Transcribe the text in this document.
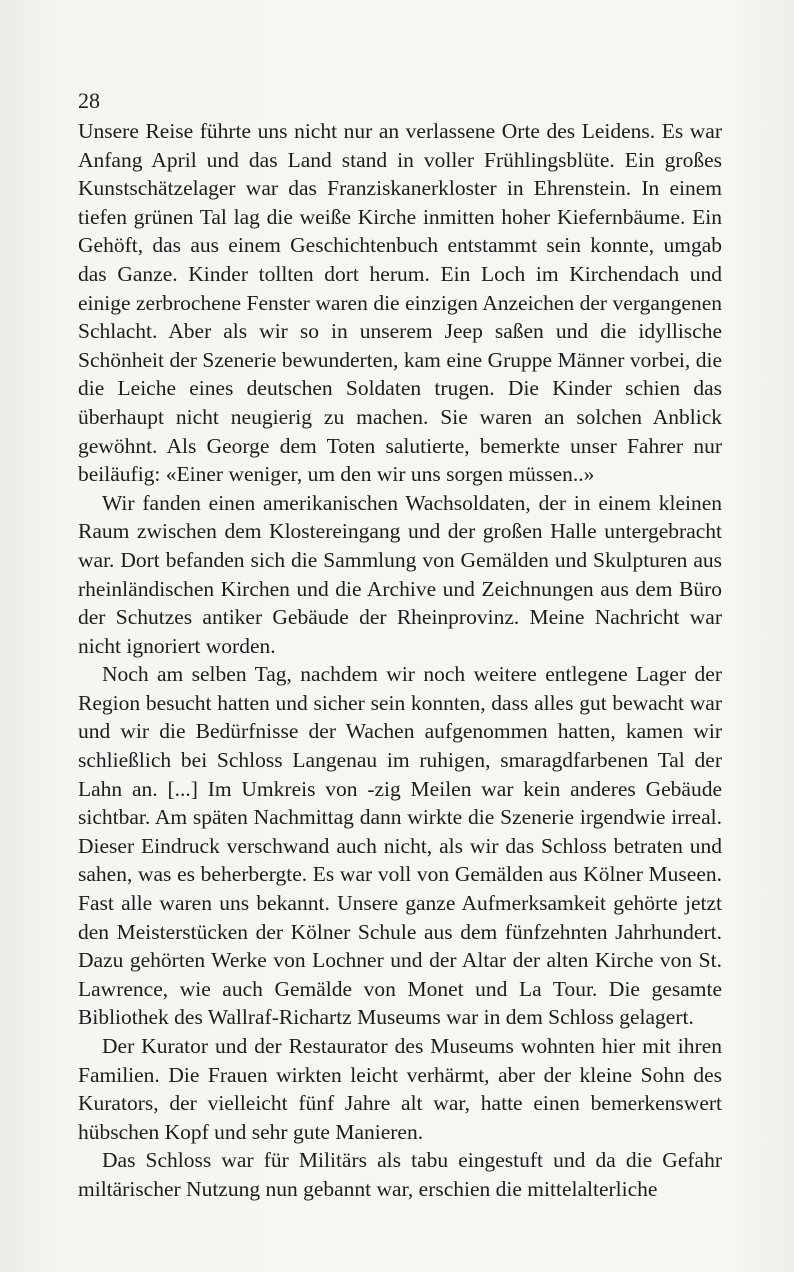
28

Unsere Reise führte uns nicht nur an verlassene Orte des Leidens. Es war Anfang April und das Land stand in voller Frühlingsblüte. Ein großes Kunstschätzelager war das Franziskanerkloster in Ehrenstein. In einem tiefen grünen Tal lag die weiße Kirche inmitten hoher Kiefernbäume. Ein Gehöft, das aus einem Geschichtenbuch entstammt sein konnte, umgab das Ganze. Kinder tollten dort herum. Ein Loch im Kirchendach und einige zerbrochene Fenster waren die einzigen Anzeichen der vergangenen Schlacht. Aber als wir so in unserem Jeep saßen und die idyllische Schönheit der Szenerie bewunderten, kam eine Gruppe Männer vorbei, die die Leiche eines deutschen Soldaten trugen. Die Kinder schien das überhaupt nicht neugierig zu machen. Sie waren an solchen Anblick gewöhnt. Als George dem Toten salutierte, bemerkte unser Fahrer nur beiläufig: «Einer weniger, um den wir uns sorgen müssen..»

Wir fanden einen amerikanischen Wachsoldaten, der in einem kleinen Raum zwischen dem Klostereingang und der großen Halle untergebracht war. Dort befanden sich die Sammlung von Gemälden und Skulpturen aus rheinländischen Kirchen und die Archive und Zeichnungen aus dem Büro der Schutzes antiker Gebäude der Rheinprovinz. Meine Nachricht war nicht ignoriert worden.

Noch am selben Tag, nachdem wir noch weitere entlegene Lager der Region besucht hatten und sicher sein konnten, dass alles gut bewacht war und wir die Bedürfnisse der Wachen aufgenommen hatten, kamen wir schließlich bei Schloss Langenau im ruhigen, smaragdfarbenen Tal der Lahn an. [...] Im Umkreis von -zig Meilen war kein anderes Gebäude sichtbar. Am späten Nachmittag dann wirkte die Szenerie irgendwie irreal. Dieser Eindruck verschwand auch nicht, als wir das Schloss betraten und sahen, was es beherbergte. Es war voll von Gemälden aus Kölner Museen. Fast alle waren uns bekannt. Unsere ganze Aufmerksamkeit gehörte jetzt den Meisterstücken der Kölner Schule aus dem fünfzehnten Jahrhundert. Dazu gehörten Werke von Lochner und der Altar der alten Kirche von St. Lawrence, wie auch Gemälde von Monet und La Tour. Die gesamte Bibliothek des Wallraf-Richartz Museums war in dem Schloss gelagert.

Der Kurator und der Restaurator des Museums wohnten hier mit ihren Familien. Die Frauen wirkten leicht verhärmt, aber der kleine Sohn des Kurators, der vielleicht fünf Jahre alt war, hatte einen bemerkenswert hübschen Kopf und sehr gute Manieren.

Das Schloss war für Militärs als tabu eingestuft und da die Gefahr miltärischer Nutzung nun gebannt war, erschien die mittelalterliche
